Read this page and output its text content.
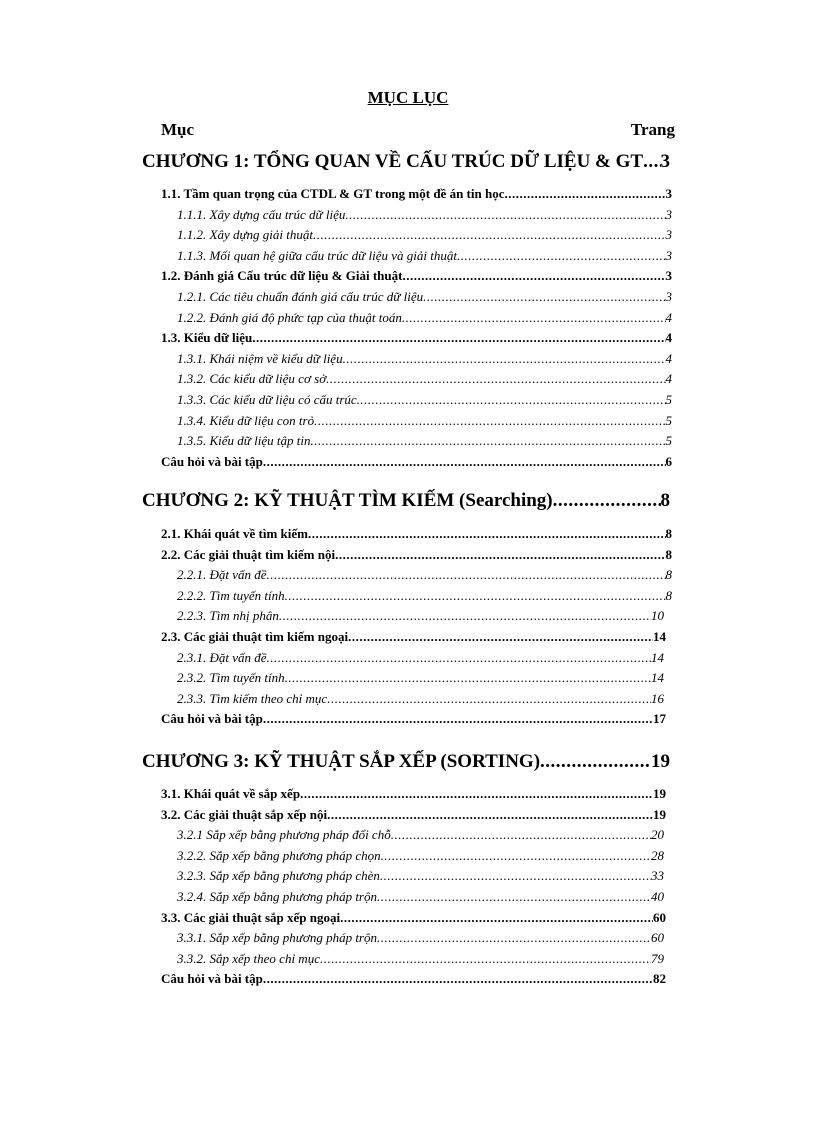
MỤC LỤC
Mục	Trang
CHƯƠNG 1: TỔNG QUAN VỀ CẤU TRÚC DỮ LIỆU & GT ..... 3
1.1. Tầm quan trọng của CTDL & GT trong một đề án tin học .....	3
1.1.1. Xây dựng cấu trúc dữ liệu .....	3
1.1.2. Xây dựng giải thuật .....	3
1.1.3. Mối quan hệ giữa cấu trúc dữ liệu và giải thuật .....	3
1.2. Đánh giá Cấu trúc dữ liệu & Giải thuật .....	3
1.2.1. Các tiêu chuẩn đánh giá cấu trúc dữ liệu .....	3
1.2.2. Đánh giá độ phức tạp của thuật toán .....	4
1.3. Kiểu dữ liệu .....	4
1.3.1. Khái niệm về kiểu dữ liệu .....	4
1.3.2. Các kiểu dữ liệu cơ sở .....	4
1.3.3. Các kiểu dữ liệu có cấu trúc .....	5
1.3.4. Kiểu dữ liệu con trỏ .....	5
1.3.5. Kiểu dữ liệu tập tin .....	5
Câu hỏi và bài tập .....	6
CHƯƠNG 2: KỸ THUẬT TÌM KIẾM (Searching) .....	8
2.1. Khái quát về tìm kiếm .....	8
2.2. Các giải thuật tìm kiếm nội .....	8
2.2.1. Đặt vấn đề .....	8
2.2.2. Tìm tuyến tính .....	8
2.2.3. Tìm nhị phân .....	10
2.3. Các giải thuật tìm kiếm ngoại .....	14
2.3.1. Đặt vấn đề .....	14
2.3.2. Tìm tuyến tính .....	14
2.3.3. Tìm kiếm theo chỉ mục .....	16
Câu hỏi và bài tập .....	17
CHƯƠNG 3: KỸ THUẬT SẮP XẾP (SORTING) .....	19
3.1. Khái quát về sắp xếp .....	19
3.2. Các giải thuật sắp xếp nội .....	19
3.2.1 Sắp xếp bằng phương pháp đổi chỗ .....	20
3.2.2. Sắp xếp bằng phương pháp chọn .....	28
3.2.3. Sắp xếp bằng phương pháp chèn .....	33
3.2.4. Sắp xếp bằng phương pháp trộn .....	40
3.3. Các giải thuật sắp xếp ngoại .....	60
3.3.1. Sắp xếp bằng phương pháp trộn .....	60
3.3.2. Sắp xếp theo chỉ mục .....	79
Câu hỏi và bài tập .....	82
